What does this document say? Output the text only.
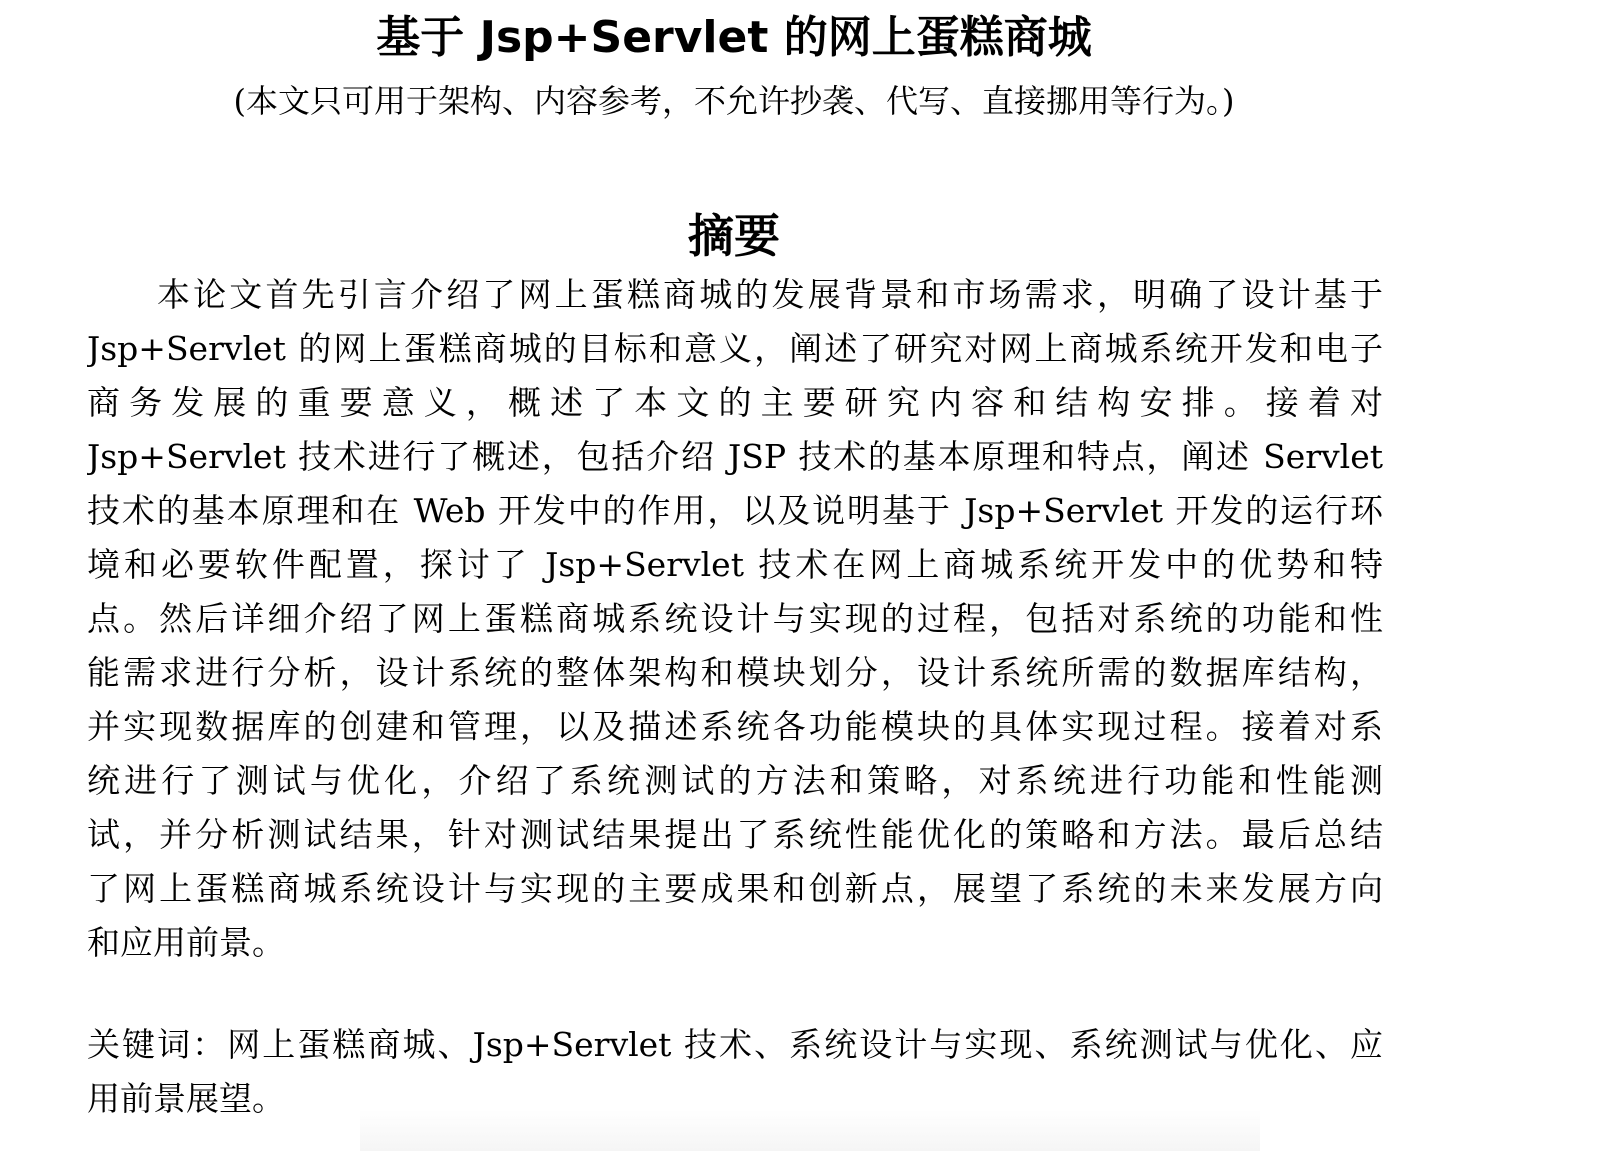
基于 Jsp+Servlet 的网上蛋糕商城
(本文只可用于架构、内容参考，不允许抄袭、代写、直接挪用等行为。)
摘要
本论文首先引言介绍了网上蛋糕商城的发展背景和市场需求，明确了设计基于
Jsp+Servlet 的网上蛋糕商城的目标和意义，阐述了研究对网上商城系统开发和电子
商务发展的重要意义，概述了本文的主要研究内容和结构安排。接着对
Jsp+Servlet 技术进行了概述，包括介绍 JSP 技术的基本原理和特点，阐述 Servlet
技术的基本原理和在 Web 开发中的作用，以及说明基于 Jsp+Servlet 开发的运行环
境和必要软件配置，探讨了 Jsp+Servlet 技术在网上商城系统开发中的优势和特
点。然后详细介绍了网上蛋糕商城系统设计与实现的过程，包括对系统的功能和性
能需求进行分析，设计系统的整体架构和模块划分，设计系统所需的数据库结构，
并实现数据库的创建和管理，以及描述系统各功能模块的具体实现过程。接着对系
统进行了测试与优化，介绍了系统测试的方法和策略，对系统进行功能和性能测
试，并分析测试结果，针对测试结果提出了系统性能优化的策略和方法。最后总结
了网上蛋糕商城系统设计与实现的主要成果和创新点，展望了系统的未来发展方向
和应用前景。
关键词：网上蛋糕商城、Jsp+Servlet 技术、系统设计与实现、系统测试与优化、应
用前景展望。
